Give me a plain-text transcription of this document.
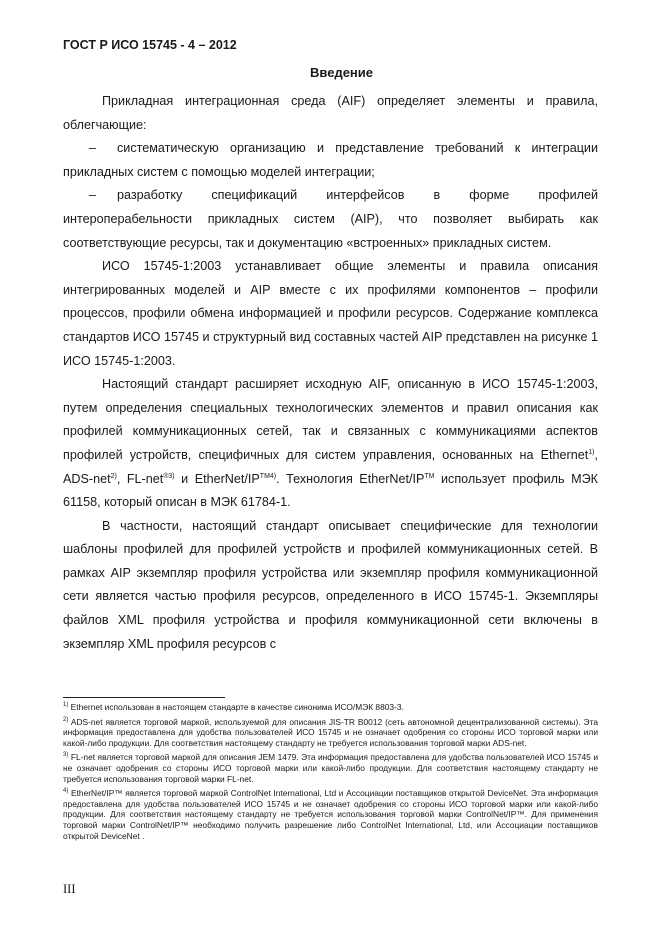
ГОСТ Р ИСО 15745 - 4 – 2012
Введение

Прикладная интеграционная среда (AIF) определяет элементы и правила, облегчающие:

– систематическую организацию и представление требований к интеграции прикладных систем с помощью моделей интеграции;

– разработку спецификаций интерфейсов в форме профилей интероперабельности прикладных систем (AIP), что позволяет выбирать как соответствующие ресурсы, так и документацию «встроенных» прикладных систем.

ИСО 15745-1:2003 устанавливает общие элементы и правила описания интегрированных моделей и AIP вместе с их профилями компонентов – профили процессов, профили обмена информацией и профили ресурсов. Содержание комплекса стандартов ИСО 15745 и структурный вид составных частей AIP представлен на рисунке 1 ИСО 15745-1:2003.

Настоящий стандарт расширяет исходную AIF, описанную в ИСО 15745-1:2003, путем определения специальных технологических элементов и правил описания как профилей коммуникационных сетей, так и связанных с коммуникациями аспектов профилей устройств, специфичных для систем управления, основанных на Ethernet$^{1)}$, ADS-net$^{2)}$, FL-net$^{®3)}$ и EtherNet/$IP^{TM4)}$. Технология EtherNet/IP™ использует профиль МЭК 61158, который описан в МЭК 61784-1.

В частности, настоящий стандарт описывает специфические для технологии шаблоны профилей для профилей устройств и профилей коммуникационных сетей. В рамках AIP экземпляр профиля устройства или экземпляр профиля коммуникационной сети является частью профиля ресурсов, определенного в ИСО 15745-1. Экземпляры файлов XML профиля устройства и профиля коммуникационной сети включены в экземпляр XML профиля ресурсов с

$^{1)}$ Ethernet использован в настоящем стандарте в качестве синонима ИСО/МЭК 8803-3.

$^{2)}$ ADS-net является торговой маркой, используемой для описания JIS-TR B0012 (сеть автономной децентрализованной системы). Эта информация предоставлена для удобства пользователей ИСО 15745 и не означает одобрения со стороны ИСО торговой марки или какой-либо продукции. Для соответствия настоящему стандарту не требуется использования торговой марки ADS-net.

$^{3)}$ FL-net является торговой маркой для описания JEM 1479. Эта информация предоставлена для удобства пользователей ИСО 15745 и не означает одобрения со стороны ИСО торговой марки или какой-либо продукции. Для соответствия настоящему стандарту не требуется использования торговой марки FL-net.

$^{4)}$ EtherNet/IP™ является торговой маркой ControlNet International, Ltd и Ассоциации поставщиков открытой DeviceNet. Эта информация предоставлена для удобства пользователей ИСО 15745 и не означает одобрения со стороны ИСО торговой марки или какой-либо продукции. Для соответствия настоящему стандарту не требуется использования торговой марки ControlNet/IP™. Для применения торговой марки ControlNet/IP™ необходимо получить разрешение либо ControlNet International, Ltd, или Ассоциации поставщиков открытой DeviceNet .

III
